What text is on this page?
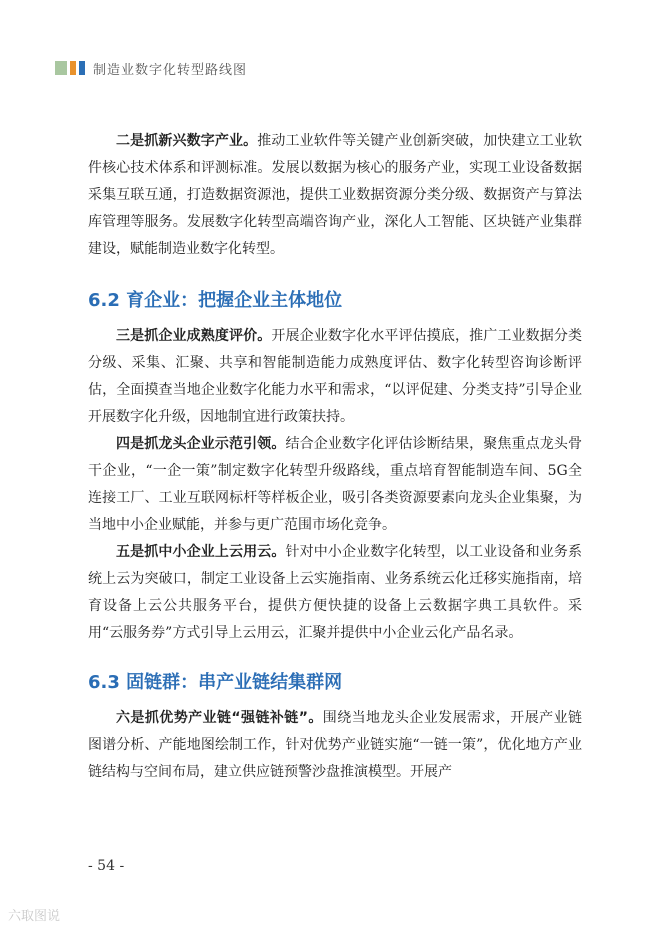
制造业数字化转型路线图

二是抓新兴数字产业。推动工业软件等关键产业创新突破，加快建立工业软件核心技术体系和评测标准。发展以数据为核心的服务产业，实现工业设备数据采集互联互通，打造数据资源池，提供工业数据资源分类分级、数据资产与算法库管理等服务。发展数字化转型高端咨询产业，深化人工智能、区块链产业集群建设，赋能制造业数字化转型。

6.2 育企业：把握企业主体地位

三是抓企业成熟度评价。开展企业数字化水平评估摸底，推广工业数据分类分级、采集、汇聚、共享和智能制造能力成熟度评估、数字化转型咨询诊断评估，全面摸查当地企业数字化能力水平和需求，“以评促建、分类支持”引导企业开展数字化升级，因地制宜进行政策扶持。

四是抓龙头企业示范引领。结合企业数字化评估诊断结果，聚焦重点龙头骨干企业，“一企一策”制定数字化转型升级路线，重点培育智能制造车间、5G全连接工厂、工业互联网标杆等样板企业，吸引各类资源要素向龙头企业集聚，为当地中小企业赋能，并参与更广范围市场化竞争。

五是抓中小企业上云用云。针对中小企业数字化转型，以工业设备和业务系统上云为突破口，制定工业设备上云实施指南、业务系统云化迁移实施指南，培育设备上云公共服务平台，提供方便快捷的设备上云数据字典工具软件。采用“云服务券”方式引导上云用云，汇聚并提供中小企业云化产品名录。

6.3 固链群：串产业链结集群网

六是抓优势产业链“强链补链”。围绕当地龙头企业发展需求，开展产业链图谱分析、产能地图绘制工作，针对优势产业链实施“一链一策”，优化地方产业链结构与空间布局，建立供应链预警沙盘推演模型。开展产

- 54 -
六取图说
